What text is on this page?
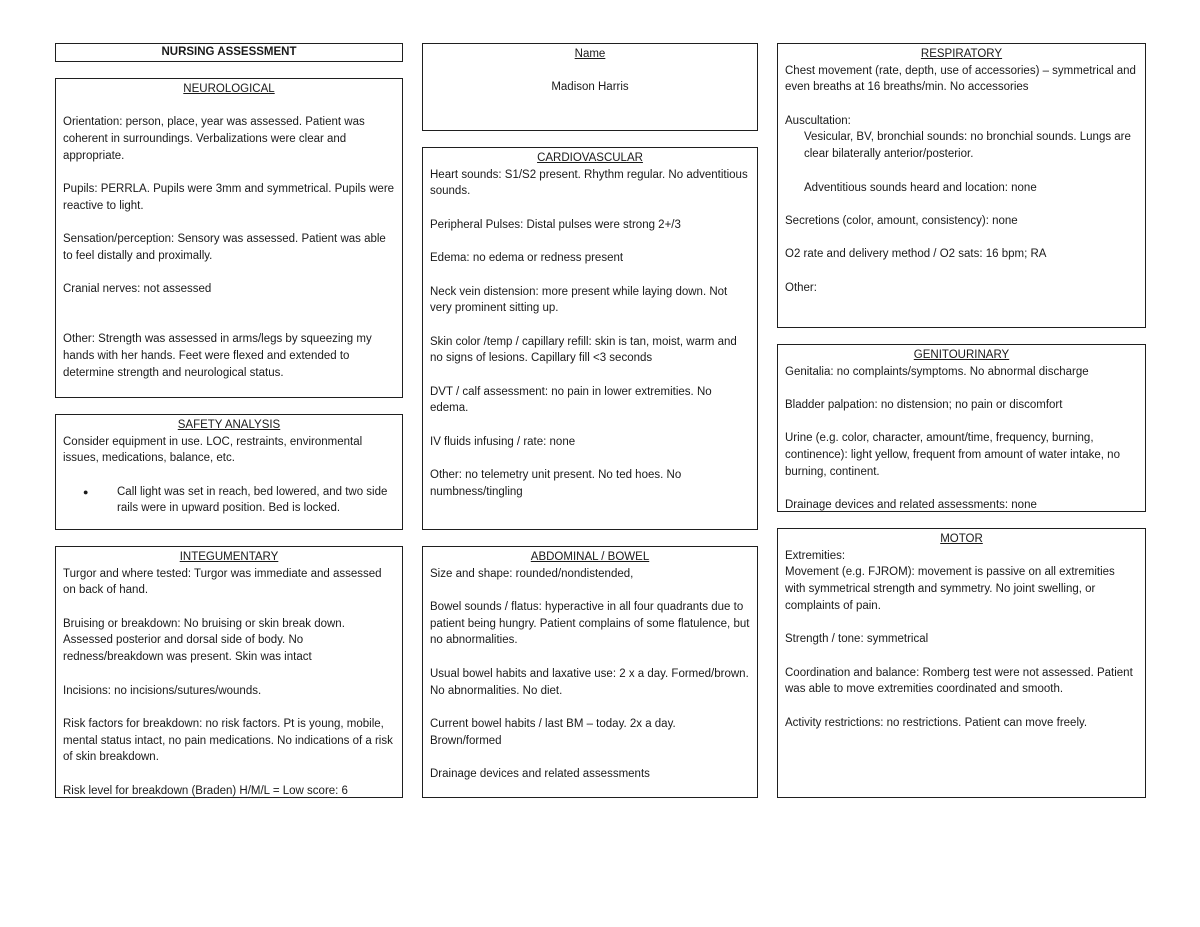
NURSING ASSESSMENT
NEUROLOGICAL

Orientation: person, place, year was assessed. Patient was coherent in surroundings. Verbalizations were clear and appropriate.

Pupils: PERRLA. Pupils were 3mm and symmetrical. Pupils were reactive to light.

Sensation/perception: Sensory was assessed. Patient was able to feel distally and proximally.

Cranial nerves: not assessed

Other: Strength was assessed in arms/legs by squeezing my hands with her hands. Feet were flexed and extended to determine strength and neurological status.

SAFETY ANALYSIS

Consider equipment in use. LOC, restraints, environmental issues, medications, balance, etc.

●	Call light was set in reach, bed lowered, and two side rails were in upward position. Bed is locked.
INTEGUMENTARY

Turgor and where tested: Turgor was immediate and assessed on back of hand.

Bruising or breakdown: No bruising or skin break down. Assessed posterior and dorsal side of body. No redness/breakdown was present. Skin was intact

Incisions: no incisions/sutures/wounds.

Risk factors for breakdown: no risk factors. Pt is young, mobile, mental status intact, no pain medications. No indications of a risk of skin breakdown.

Risk level for breakdown (Braden) H/M/L = Low score: 6

Name
Madison Harris
CARDIOVASCULAR

Heart sounds: S1/S2 present. Rhythm regular. No adventitious sounds.

Peripheral Pulses: Distal pulses were strong 2+/3

Edema: no edema or redness present

Neck vein distension: more present while laying down. Not very prominent sitting up.

Skin color /temp / capillary refill: skin is tan, moist, warm and no signs of lesions. Capillary fill <3 seconds

DVT / calf assessment: no pain in lower extremities. No edema.

IV fluids infusing / rate: none

Other: no telemetry unit present. No ted hoes. No numbness/tingling

ABDOMINAL / BOWEL

Size and shape: rounded/nondistended,

Bowel sounds / flatus: hyperactive in all four quadrants due to patient being hungry. Patient complains of some flatulence, but no abnormalities.

Usual bowel habits and laxative use: 2 x a day. Formed/brown. No abnormalities. No diet.

Current bowel habits / last BM – today. 2x a day. Brown/formed

Drainage devices and related assessments

RESPIRATORY

Chest movement (rate, depth, use of accessories) – symmetrical and even breaths at 16 breaths/min. No accessories

Auscultation:

Vesicular, BV, bronchial sounds: no bronchial sounds. Lungs are clear bilaterally anterior/posterior.

Adventitious sounds heard and location: none

Secretions (color, amount, consistency): none

O2 rate and delivery method / O2 sats: 16 bpm; RA

Other:

GENITOURINARY

Genitalia: no complaints/symptoms. No abnormal discharge

Bladder palpation: no distension; no pain or discomfort

Urine (e.g. color, character, amount/time, frequency, burning, continence): light yellow, frequent from amount of water intake, no burning, continent.

Drainage devices and related assessments: none

MOTOR

Extremities:

Movement (e.g. FJROM): movement is passive on all extremities with symmetrical strength and symmetry. No joint swelling, or complaints of pain.

Strength / tone: symmetrical

Coordination and balance: Romberg test were not assessed. Patient was able to move extremities coordinated and smooth.

Activity restrictions: no restrictions. Patient can move freely.
